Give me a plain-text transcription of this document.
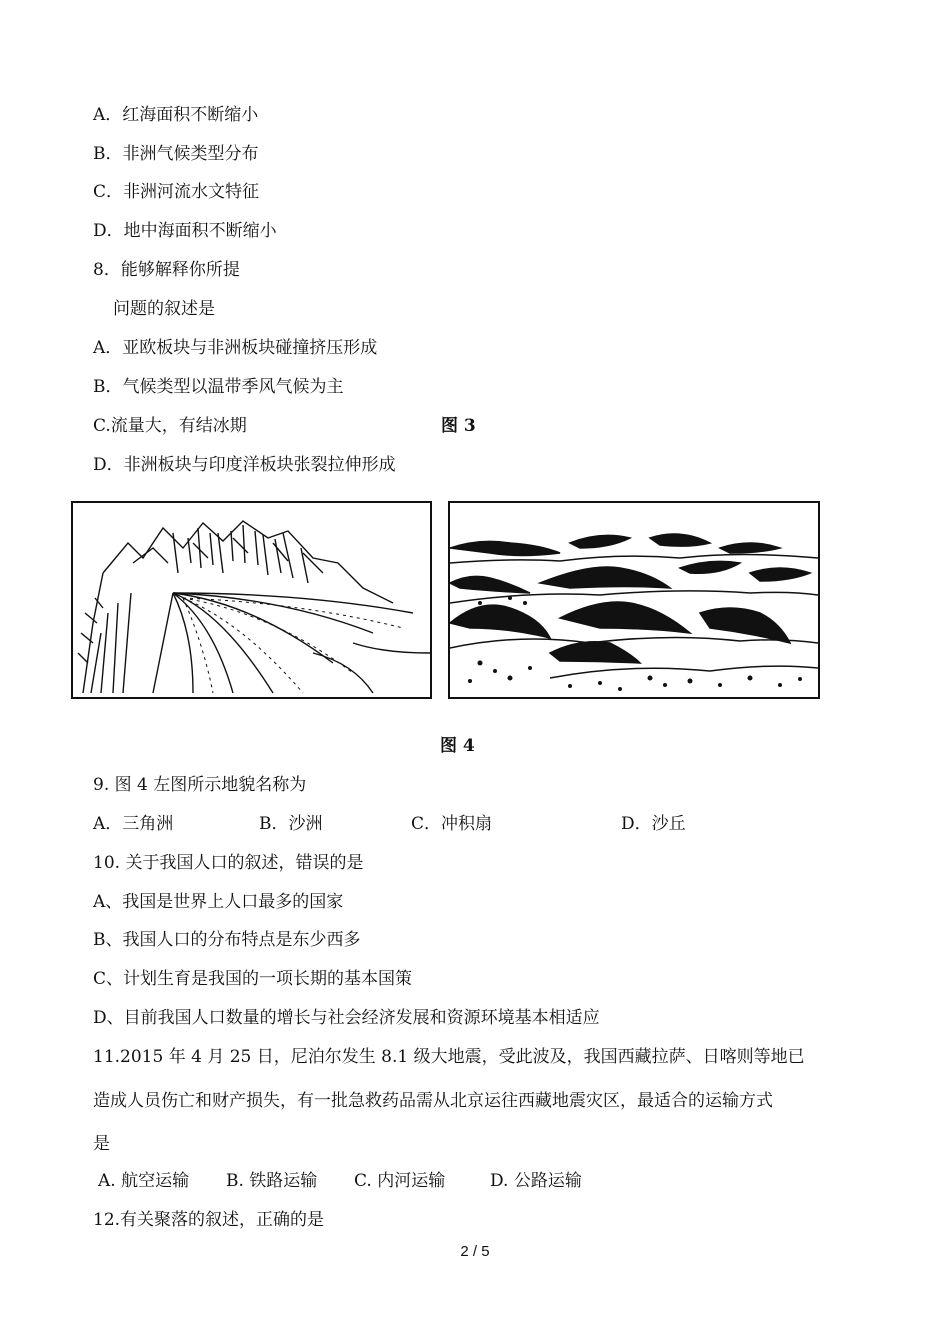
A．红海面积不断缩小
B．非洲气候类型分布
C．非洲河流水文特征
D．地中海面积不断缩小
8．能够解释你所提
问题的叙述是
A．亚欧板块与非洲板块碰撞挤压形成
B．气候类型以温带季风气候为主
C.流量大，有结冰期	图 3
D．非洲板块与印度洋板块张裂拉伸形成
图 4
9. 图 4 左图所示地貌名称为
A．三角洲	B．沙洲	C．冲积扇	D．沙丘
10. 关于我国人口的叙述，错误的是
A、我国是世界上人口最多的国家
B、我国人口的分布特点是东少西多
C、计划生育是我国的一项长期的基本国策
D、目前我国人口数量的增长与社会经济发展和资源环境基本相适应
11.2015 年 4 月 25 日，尼泊尔发生 8.1 级大地震，受此波及，我国西藏拉萨、日喀则等地已
造成人员伤亡和财产损失，有一批急救药品需从北京运往西藏地震灾区，最适合的运输方式
是
A. 航空运输 B. 铁路运输 C. 内河运输	D. 公路运输
12.有关聚落的叙述，正确的是
2 / 5
